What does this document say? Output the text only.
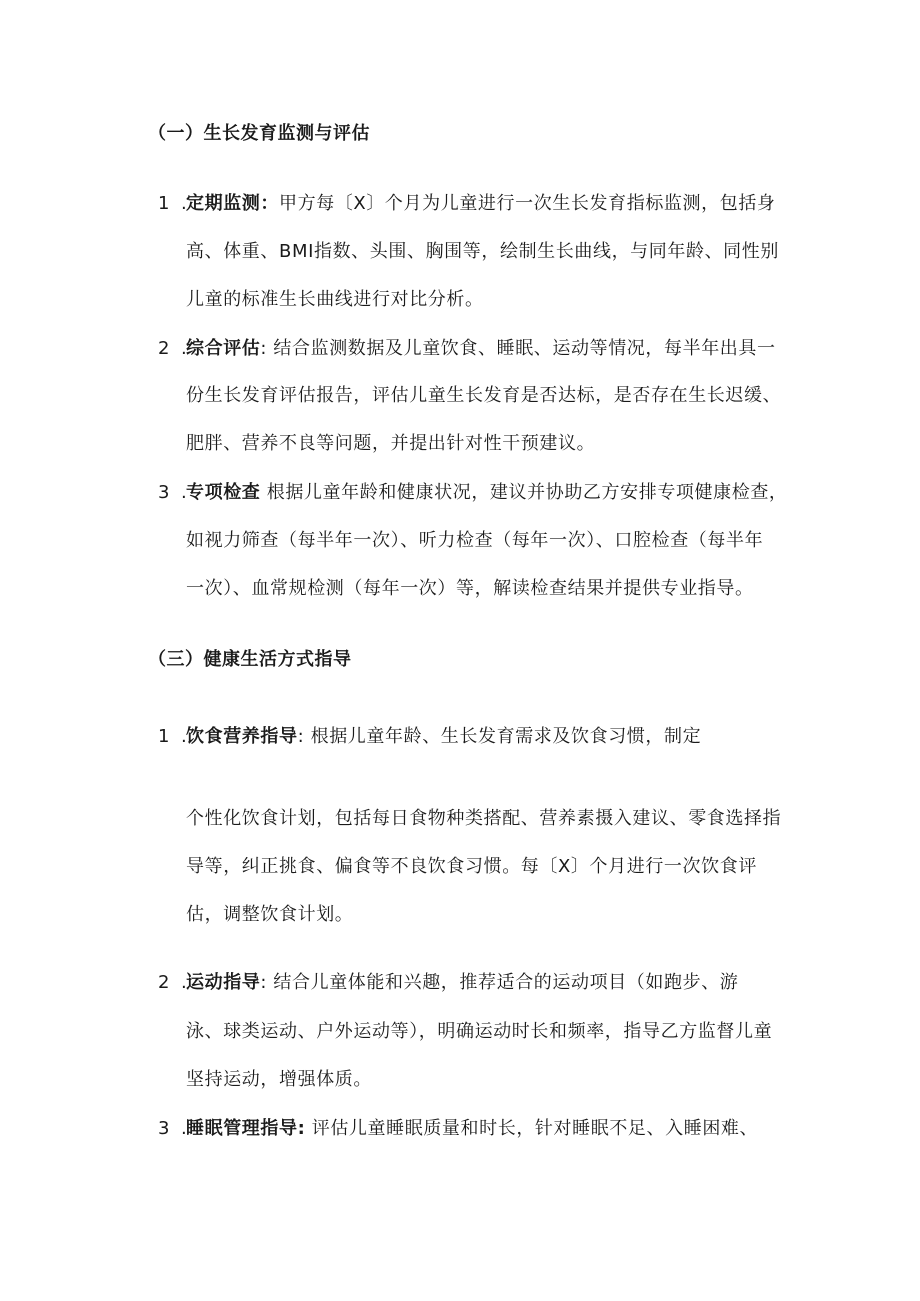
（一）生长发育监测与评估
1 . 定期监测：甲方每〔X〕个月为儿童进行一次生长发育指标监测，包括身
高、体重、BMI指数、头围、胸围等，绘制生长曲线，与同年龄、同性别
儿童的标准生长曲线进行对比分析。
2 . 综合评估: 结合监测数据及儿童饮食、睡眠、运动等情况，每半年出具一
份生长发育评估报告，评估儿童生长发育是否达标，是否存在生长迟缓、
肥胖、营养不良等问题，并提出针对性干预建议。
3 . 专项检查 根据儿童年龄和健康状况，建议并协助乙方安排专项健康检查，
如视力筛查（每半年一次）、听力检查（每年一次）、口腔检查（每半年
一次）、血常规检测（每年一次）等，解读检查结果并提供专业指导。
（三）健康生活方式指导
1 . 饮食营养指导: 根据儿童年龄、生长发育需求及饮食习惯，制定
个性化饮食计划，包括每日食物种类搭配、营养素摄入建议、零食选择指
导等，纠正挑食、偏食等不良饮食习惯。每〔X〕个月进行一次饮食评
估，调整饮食计划。
2 . 运动指导: 结合儿童体能和兴趣，推荐适合的运动项目（如跑步、游
泳、球类运动、户外运动等），明确运动时长和频率，指导乙方监督儿童
坚持运动，增强体质。
3 . 睡眠管理指导: 评估儿童睡眠质量和时长，针对睡眠不足、入睡困难、
